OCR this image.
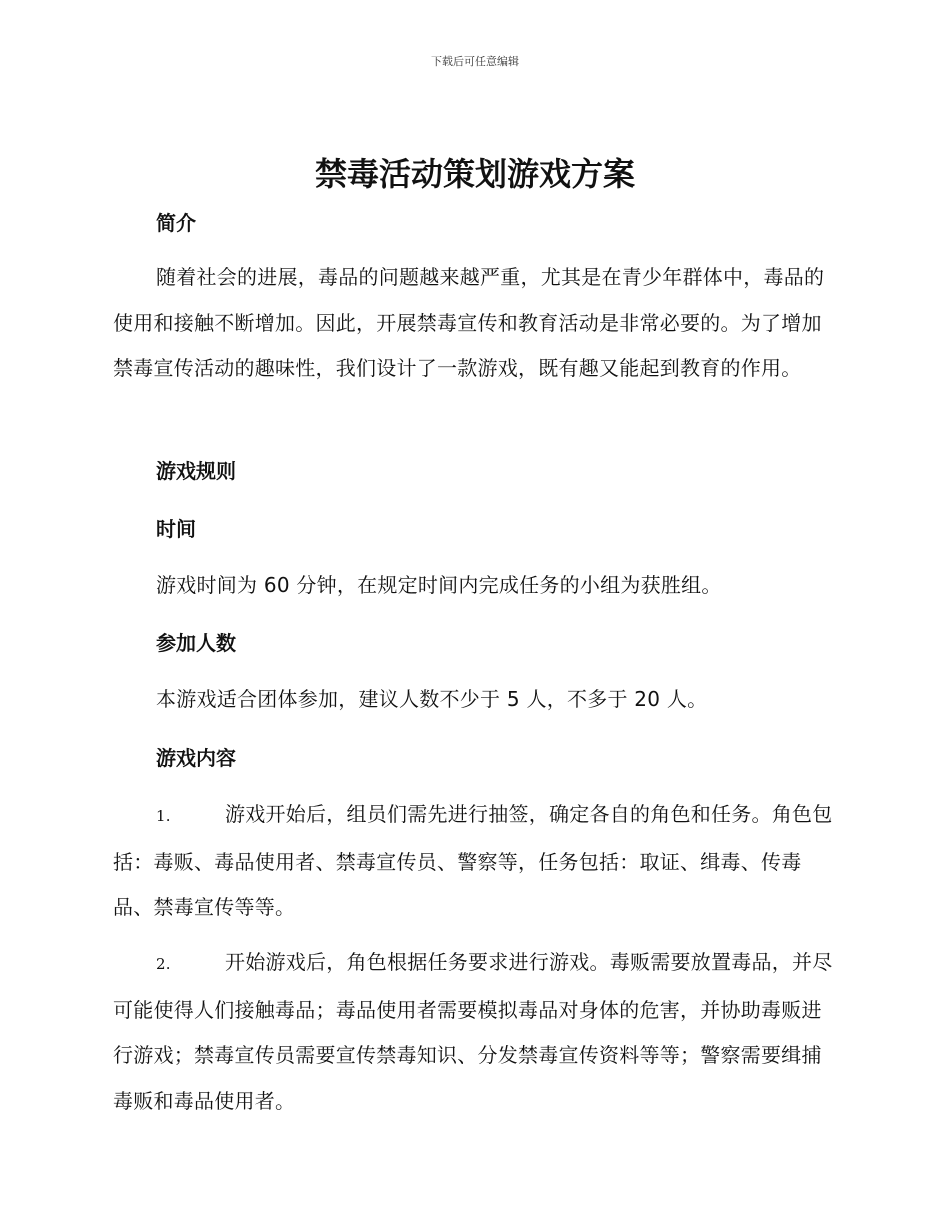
下载后可任意编辑
禁毒活动策划游戏方案
简介

随着社会的进展，毒品的问题越来越严重，尤其是在青少年群体中，毒品的使用和接触不断增加。因此，开展禁毒宣传和教育活动是非常必要的。为了增加禁毒宣传活动的趣味性，我们设计了一款游戏，既有趣又能起到教育的作用。

游戏规则
时间

游戏时间为 60 分钟，在规定时间内完成任务的小组为获胜组。

参加人数

本游戏适合团体参加，建议人数不少于 5 人，不多于 20 人。

游戏内容

1.	游戏开始后，组员们需先进行抽签，确定各自的角色和任务。角色包括：毒贩、毒品使用者、禁毒宣传员、警察等，任务包括：取证、缉毒、传毒品、禁毒宣传等等。

2.	开始游戏后，角色根据任务要求进行游戏。毒贩需要放置毒品，并尽可能使得人们接触毒品；毒品使用者需要模拟毒品对身体的危害，并协助毒贩进行游戏；禁毒宣传员需要宣传禁毒知识、分发禁毒宣传资料等等；警察需要缉捕毒贩和毒品使用者。
